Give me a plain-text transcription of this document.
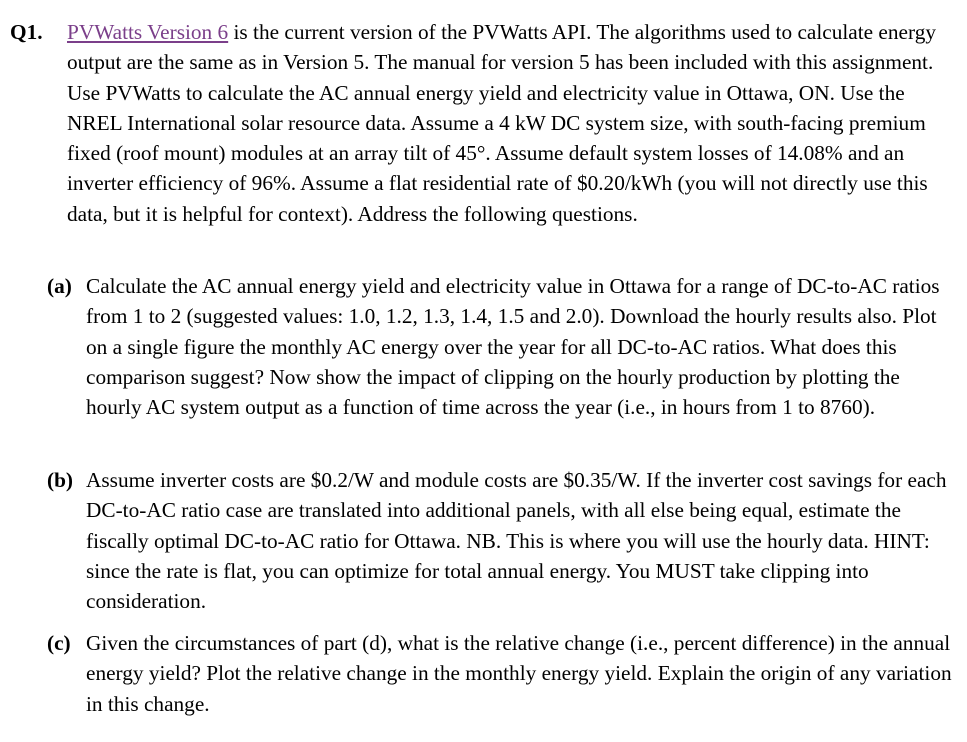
Q1.	PVWatts Version 6 is the current version of the PVWatts API. The algorithms used to calculate energy output are the same as in Version 5. The manual for version 5 has been included with this assignment. Use PVWatts to calculate the AC annual energy yield and electricity value in Ottawa, ON. Use the NREL International solar resource data. Assume a 4 kW DC system size, with south-facing premium fixed (roof mount) modules at an array tilt of 45°. Assume default system losses of 14.08% and an inverter efficiency of 96%. Assume a flat residential rate of $0.20/kWh (you will not directly use this data, but it is helpful for context). Address the following questions.
(a) Calculate the AC annual energy yield and electricity value in Ottawa for a range of DC-to-AC ratios from 1 to 2 (suggested values: 1.0, 1.2, 1.3, 1.4, 1.5 and 2.0). Download the hourly results also. Plot on a single figure the monthly AC energy over the year for all DC-to-AC ratios. What does this comparison suggest? Now show the impact of clipping on the hourly production by plotting the hourly AC system output as a function of time across the year (i.e., in hours from 1 to 8760).
(b) Assume inverter costs are $0.2/W and module costs are $0.35/W. If the inverter cost savings for each DC-to-AC ratio case are translated into additional panels, with all else being equal, estimate the fiscally optimal DC-to-AC ratio for Ottawa. NB. This is where you will use the hourly data. HINT: since the rate is flat, you can optimize for total annual energy. You MUST take clipping into consideration.
(c) Given the circumstances of part (d), what is the relative change (i.e., percent difference) in the annual energy yield? Plot the relative change in the monthly energy yield. Explain the origin of any variation in this change.
